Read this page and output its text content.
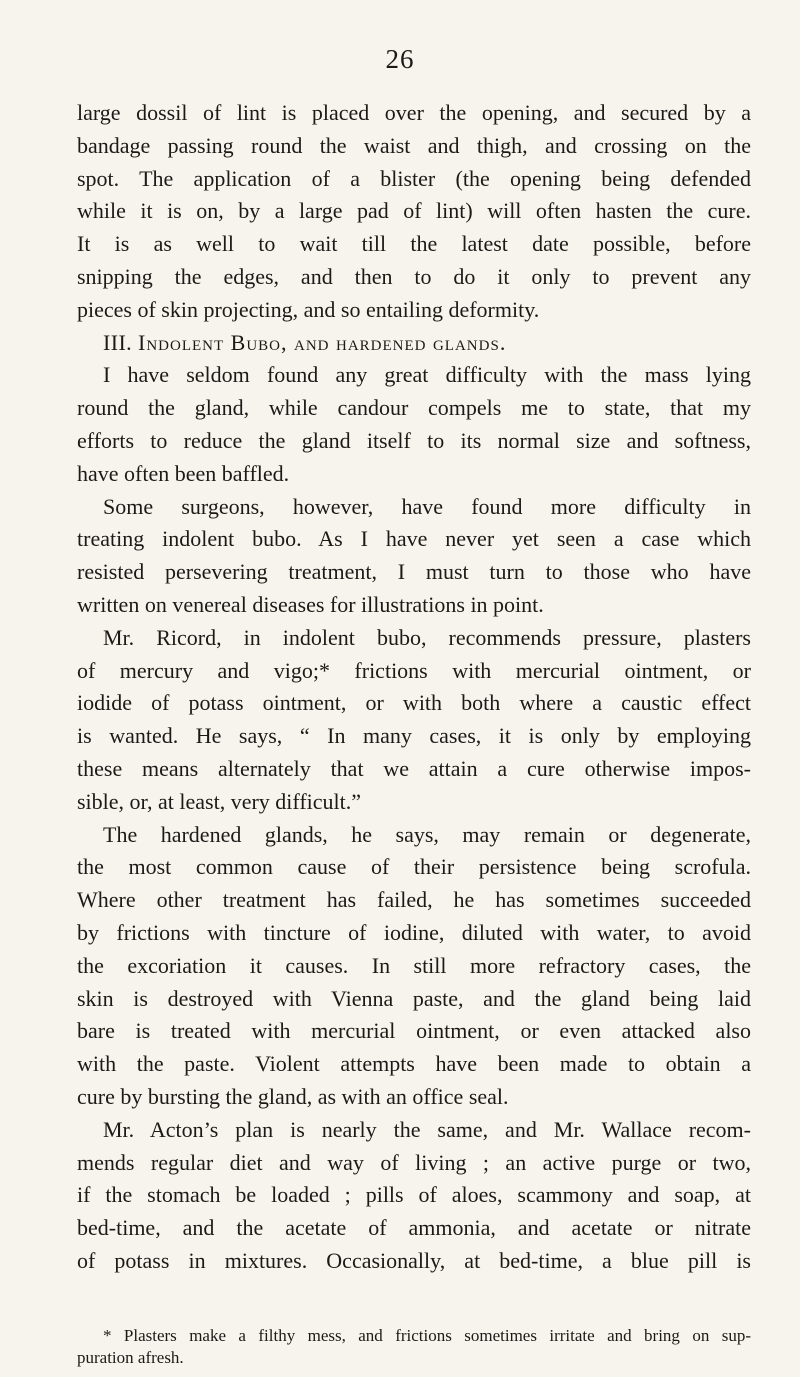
26
large dossil of lint is placed over the opening, and secured by a
bandage passing round the waist and thigh, and crossing on the
spot. The application of a blister (the opening being defended
while it is on, by a large pad of lint) will often hasten the cure.
It is as well to wait till the latest date possible, before
snipping the edges, and then to do it only to prevent any
pieces of skin projecting, and so entailing deformity.
III. Indolent Bubo, and hardened glands.
I have seldom found any great difficulty with the mass lying
round the gland, while candour compels me to state, that my
efforts to reduce the gland itself to its normal size and softness,
have often been baffled.
Some surgeons, however, have found more difficulty in
treating indolent bubo. As I have never yet seen a case which
resisted persevering treatment, I must turn to those who have
written on venereal diseases for illustrations in point.
Mr. Ricord, in indolent bubo, recommends pressure, plasters
of mercury and vigo;* frictions with mercurial ointment, or
iodide of potass ointment, or with both where a caustic effect
is wanted. He says, “ In many cases, it is only by employing
these means alternately that we attain a cure otherwise impos-
sible, or, at least, very difficult.”
The hardened glands, he says, may remain or degenerate,
the most common cause of their persistence being scrofula.
Where other treatment has failed, he has sometimes succeeded
by frictions with tincture of iodine, diluted with water, to avoid
the excoriation it causes. In still more refractory cases, the
skin is destroyed with Vienna paste, and the gland being laid
bare is treated with mercurial ointment, or even attacked also
with the paste. Violent attempts have been made to obtain a
cure by bursting the gland, as with an office seal.
Mr. Acton’s plan is nearly the same, and Mr. Wallace recom-
mends regular diet and way of living ; an active purge or two,
if the stomach be loaded ; pills of aloes, scammony and soap, at
bed-time, and the acetate of ammonia, and acetate or nitrate
of potass in mixtures. Occasionally, at bed-time, a blue pill is
* Plasters make a filthy mess, and frictions sometimes irritate and bring on sup-
puration afresh.
